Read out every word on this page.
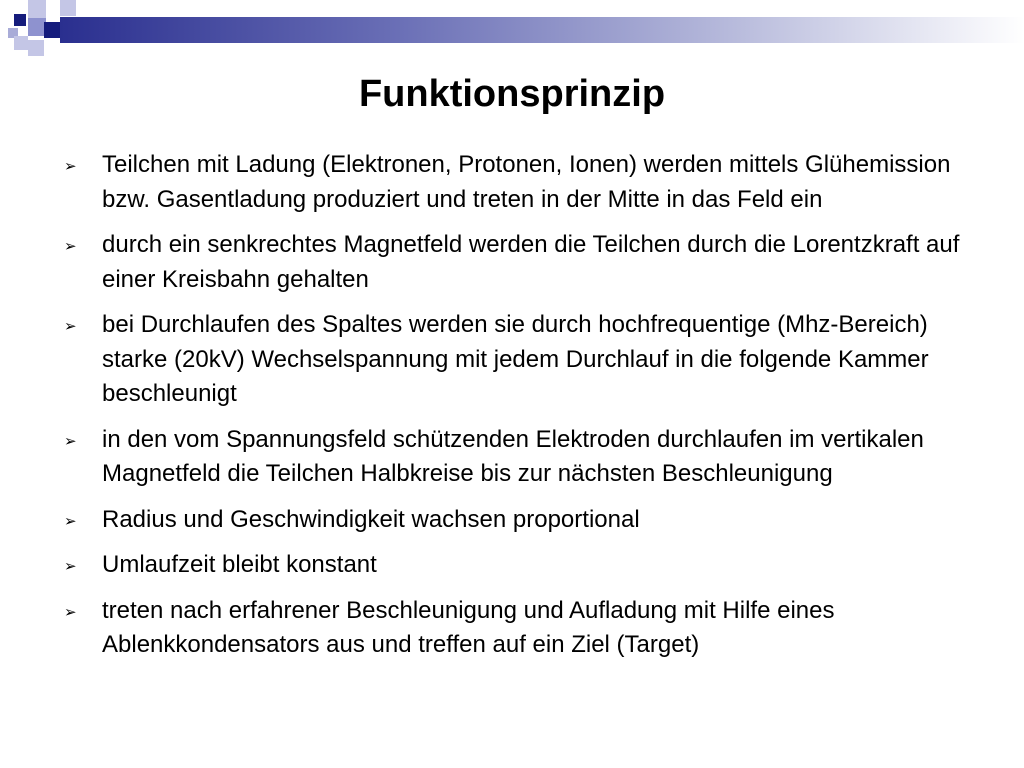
Funktionsprinzip
➢ Teilchen mit Ladung (Elektronen, Protonen, Ionen) werden mittels Glühemission bzw. Gasentladung produziert und treten in der Mitte in das Feld ein
➢ durch ein senkrechtes Magnetfeld werden die Teilchen durch die Lorentzkraft auf einer Kreisbahn gehalten
➢ bei Durchlaufen des Spaltes werden sie durch hochfrequentige (Mhz-Bereich) starke (20kV) Wechselspannung mit jedem Durchlauf in die folgende Kammer beschleunigt
➢ in den vom Spannungsfeld schützenden Elektroden durchlaufen im vertikalen Magnetfeld die Teilchen Halbkreise bis zur nächsten Beschleunigung
➢ Radius und Geschwindigkeit wachsen proportional
➢ Umlaufzeit bleibt konstant
➢ treten nach erfahrener Beschleunigung und Aufladung mit Hilfe eines Ablenkkondensators aus und treffen auf ein Ziel (Target)
